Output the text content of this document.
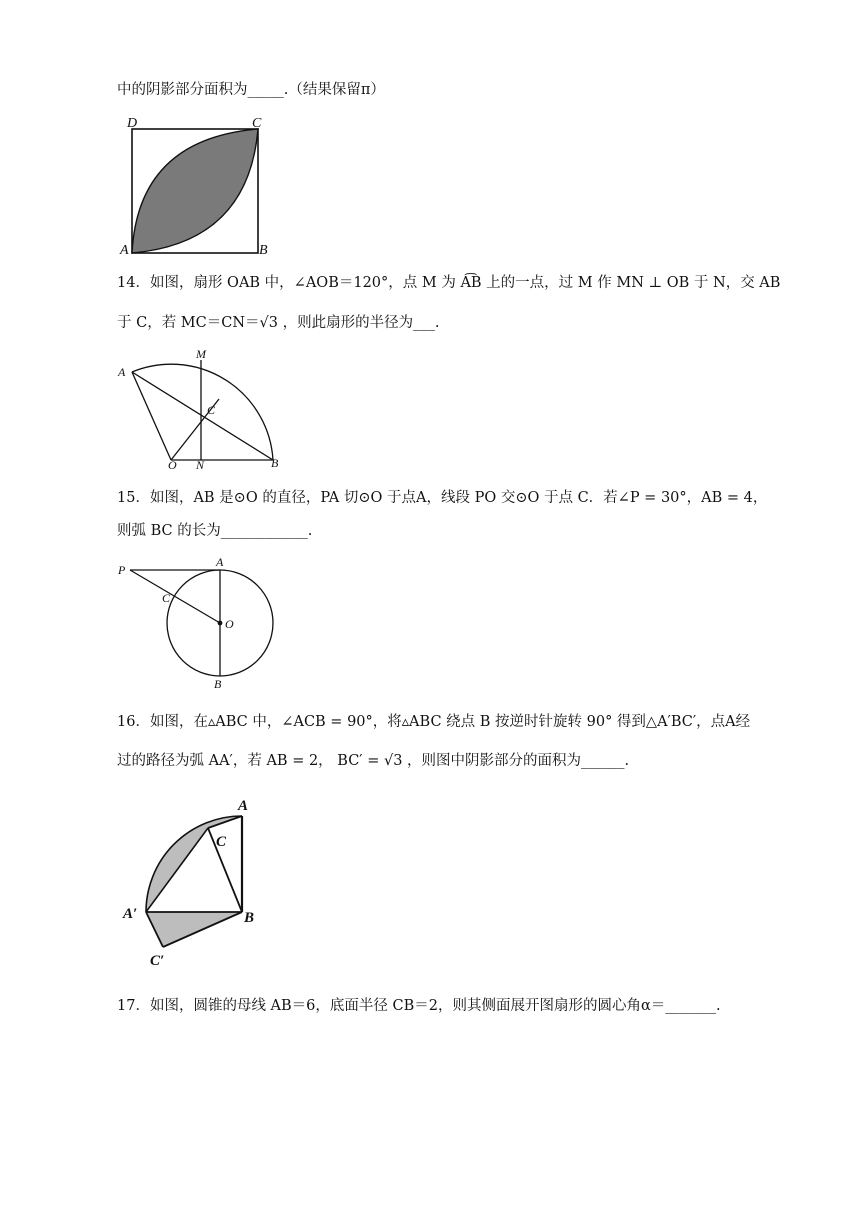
中的阴影部分面积为_____.（结果保留π）
D	C
A	B
14．如图，扇形 OAB 中，∠AOB＝120°，点 M 为 A͡B 上的一点，过 M 作 MN ⊥ OB 于 N，交 AB
于 C，若 MC＝CN＝√3 ，则此扇形的半径为___.
A
M
C
O N	B
15．如图，AB 是⊙O 的直径，PA 切⊙O 于点A，线段 PO 交⊙O 于点 C．若∠P = 30°，AB = 4，
则弧 BC 的长为____________.
P
A
C
O
B
16．如图，在▵ABC 中，∠ACB = 90°，将▵ABC 绕点 B 按逆时针旋转 90° 得到△A′BC′，点A经
过的路径为弧 AA′，若 AB = 2， BC′ = √3 ，则图中阴影部分的面积为______.
A
C
A′	B
C′
17．如图，圆锥的母线 AB＝6，底面半径 CB＝2，则其侧面展开图扇形的圆心角α＝_______.
